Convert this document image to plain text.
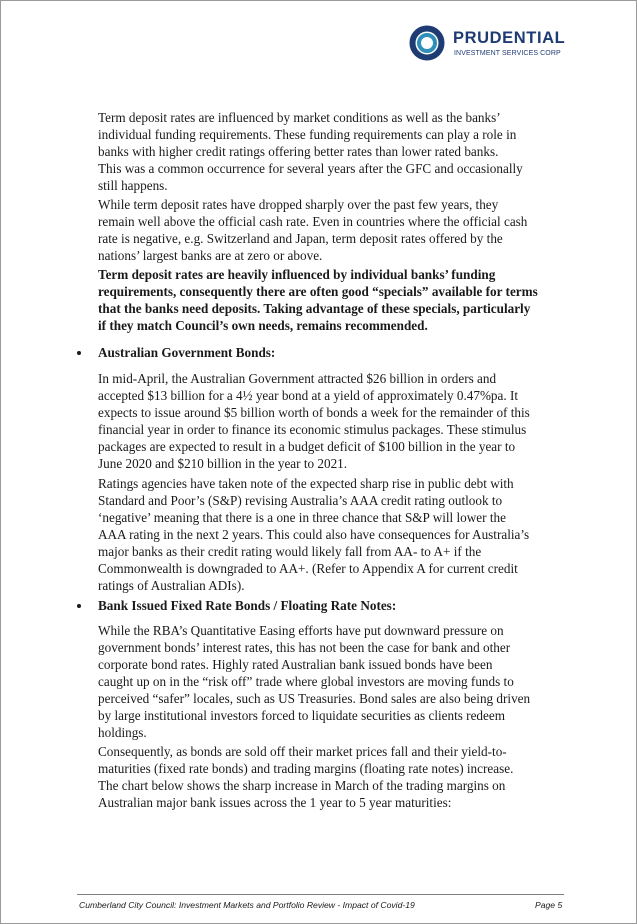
PRUDENTIAL
INVESTMENT SERVICES CORP
Term deposit rates are influenced by market conditions as well as the banks’
individual funding requirements. These funding requirements can play a role in
banks with higher credit ratings offering better rates than lower rated banks.
This was a common occurrence for several years after the GFC and occasionally
still happens.
While term deposit rates have dropped sharply over the past few years, they
remain well above the official cash rate. Even in countries where the official cash
rate is negative, e.g. Switzerland and Japan, term deposit rates offered by the
nations’ largest banks are at zero or above.
Term deposit rates are heavily influenced by individual banks’ funding
requirements, consequently there are often good “specials” available for terms
that the banks need deposits. Taking advantage of these specials, particularly
if they match Council’s own needs, remains recommended.
Australian Government Bonds:
In mid-April, the Australian Government attracted $26 billion in orders and
accepted $13 billion for a 4½ year bond at a yield of approximately 0.47%pa. It
expects to issue around $5 billion worth of bonds a week for the remainder of this
financial year in order to finance its economic stimulus packages. These stimulus
packages are expected to result in a budget deficit of $100 billion in the year to
June 2020 and $210 billion in the year to 2021.
Ratings agencies have taken note of the expected sharp rise in public debt with
Standard and Poor’s (S&P) revising Australia’s AAA credit rating outlook to
‘negative’ meaning that there is a one in three chance that S&P will lower the
AAA rating in the next 2 years. This could also have consequences for Australia’s
major banks as their credit rating would likely fall from AA- to A+ if the
Commonwealth is downgraded to AA+. (Refer to Appendix A for current credit
ratings of Australian ADIs).
Bank Issued Fixed Rate Bonds / Floating Rate Notes:
While the RBA’s Quantitative Easing efforts have put downward pressure on
government bonds’ interest rates, this has not been the case for bank and other
corporate bond rates. Highly rated Australian bank issued bonds have been
caught up on in the “risk off” trade where global investors are moving funds to
perceived “safer” locales, such as US Treasuries. Bond sales are also being driven
by large institutional investors forced to liquidate securities as clients redeem
holdings.
Consequently, as bonds are sold off their market prices fall and their yield-to-
maturities (fixed rate bonds) and trading margins (floating rate notes) increase.
The chart below shows the sharp increase in March of the trading margins on
Australian major bank issues across the 1 year to 5 year maturities:
Cumberland City Council: Investment Markets and Portfolio Review - Impact of Covid-19	Page 5
